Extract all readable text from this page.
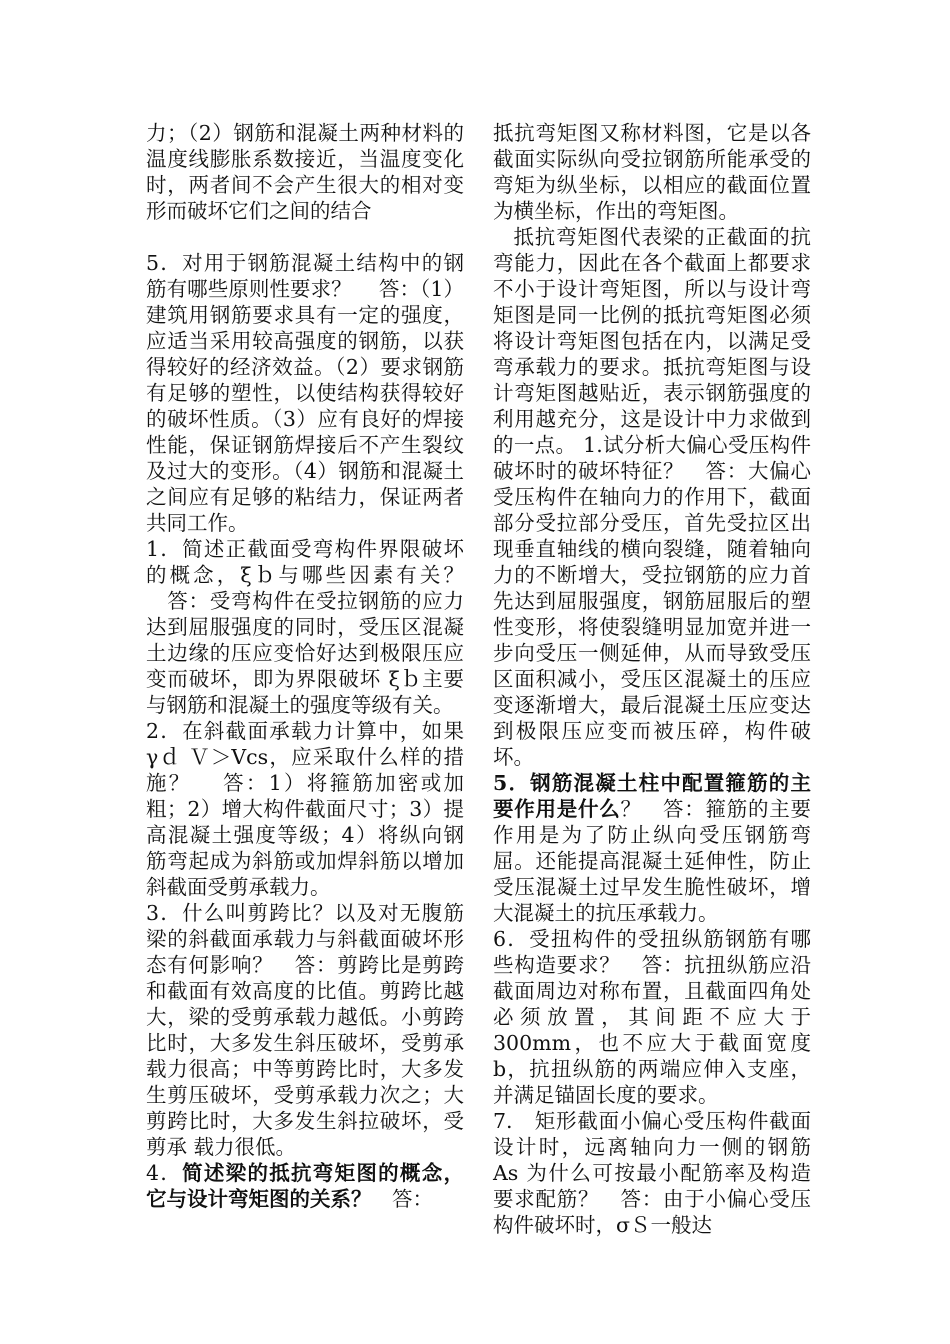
力；（2）钢筋和混凝土两种材料的温度线膨胀系数接近，当温度变化时，两者间不会产生很大的相对变形而破坏它们之间的结合

5．对用于钢筋混凝土结构中的钢筋有哪些原则性要求？　 答：（1）建筑用钢筋要求具有一定的强度，应适当采用较高强度的钢筋，以获得较好的经济效益。（2）要求钢筋有足够的塑性，以使结构获得较好的破坏性质。（3）应有良好的焊接性能，保证钢筋焊接后不产生裂纹及过大的变形。（4）钢筋和混凝土之间应有足够的粘结力，保证两者共同工作。

1．简述正截面受弯构件界限破坏的概念，ξｂ与哪些因素有关？ 　答：受弯构件在受拉钢筋的应力达到屈服强度的同时，受压区混凝土边缘的压应变恰好达到极限压应变而破坏，即为界限破坏 ξｂ主要与钢筋和混凝土的强度等级有关。

2．在斜截面承载力计算中，如果 γｄ Ｖ＞Vcs，应采取什么样的措施？ 　答：1）将箍筋加密或加粗；2）增大构件截面尺寸；3）提高混凝土强度等级；4）将纵向钢筋弯起成为斜筋或加焊斜筋以增加斜截面受剪承载力。

3．什么叫剪跨比？以及对无腹筋梁的斜截面承载力与斜截面破坏形态有何影响？　答：剪跨比是剪跨和截面有效高度的比值。剪跨比越大，梁的受剪承载力越低。小剪跨比时，大多发生斜压破坏，受剪承载力很高；中等剪跨比时，大多发生剪压破坏，受剪承载力次之；大剪跨比时，大多发生斜拉破坏，受剪承 载力很低。

4．简述梁的抵抗弯矩图的概念，它与设计弯矩图的关系？　答：

抵抗弯矩图又称材料图，它是以各截面实际纵向受拉钢筋所能承受的弯矩为纵坐标，以相应的截面位置为横坐标，作出的弯矩图。

抵抗弯矩图代表梁的正截面的抗弯能力，因此在各个截面上都要求不小于设计弯矩图，所以与设计弯矩图是同一比例的抵抗弯矩图必须将设计弯矩图包括在内，以满足受弯承载力的要求。抵抗弯矩图与设计弯矩图越贴近，表示钢筋强度的利用越充分，这是设计中力求做到的一点。 1.试分析大偏心受压构件破坏时的破坏特征？　答：大偏心受压构件在轴向力的作用下，截面部分受拉部分受压，首先受拉区出现垂直轴线的横向裂缝，随着轴向力的不断增大，受拉钢筋的应力首先达到屈服强度，钢筋屈服后的塑性变形，将使裂缝明显加宽并进一步向受压一侧延伸，从而导致受压区面积减小，受压区混凝土的压应变逐渐增大，最后混凝土压应变达到极限压应变而被压碎，构件破坏。

5．钢筋混凝土柱中配置箍筋的主要作用是什么？　答：箍筋的主要作用是为了防止纵向受压钢筋弯屈。还能提高混凝土延伸性，防止受压混凝土过早发生脆性破坏，增大混凝土的抗压承载力。

6．受扭构件的受扭纵筋钢筋有哪些构造要求？　答：抗扭纵筋应沿截面周边对称布置，且截面四角处必须放置，其间距不应大于 300mm，也不应大于截面宽度 b，抗扭纵筋的两端应伸入支座，并满足锚固长度的要求。

7.　矩形截面小偏心受压构件截面设计时，远离轴向力一侧的钢筋 As 为什么可按最小配筋率及构造要求配筋？　答：由于小偏心受压构件破坏时，σＳ一般达
